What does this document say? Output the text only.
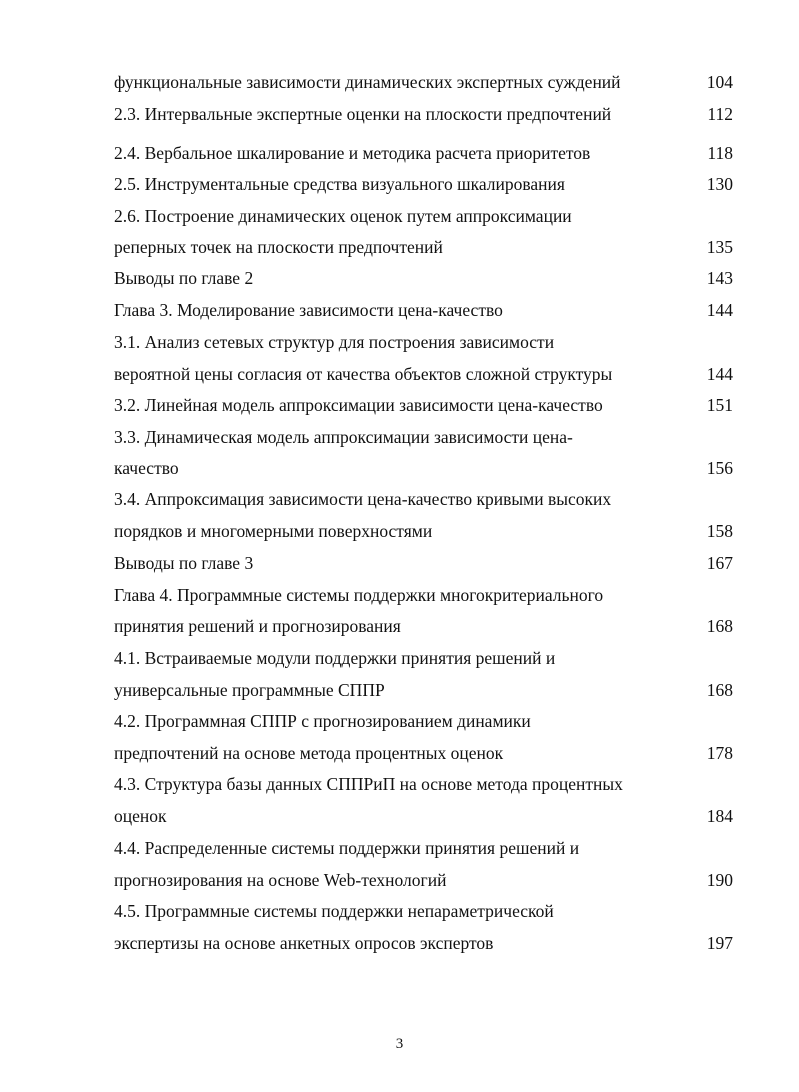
функциональные зависимости динамических экспертных суждений	104
2.3. Интервальные экспертные оценки на плоскости предпочтений	112
2.4. Вербальное шкалирование и методика расчета приоритетов	118
2.5. Инструментальные средства визуального шкалирования	130
2.6. Построение динамических оценок путем аппроксимации
реперных точек на плоскости предпочтений	135
Выводы по главе 2	143
Глава 3. Моделирование зависимости цена-качество	144
3.1. Анализ сетевых структур для построения зависимости
вероятной цены согласия от качества объектов сложной структуры	144
3.2. Линейная модель аппроксимации зависимости цена-качество	151
3.3. Динамическая модель аппроксимации зависимости цена-
качество	156
3.4. Аппроксимация зависимости цена-качество кривыми высоких
порядков и многомерными поверхностями	158
Выводы по главе 3	167
Глава 4. Программные системы поддержки многокритериального
принятия решений и прогнозирования	168
4.1. Встраиваемые модули поддержки принятия решений и
универсальные программные СППР	168
4.2. Программная СППР с прогнозированием динамики
предпочтений на основе метода процентных оценок	178
4.3. Структура базы данных СППРиП на основе метода процентных
оценок	184
4.4. Распределенные системы поддержки принятия решений и
прогнозирования на основе Web-технологий	190
4.5. Программные системы поддержки непараметрической
экспертизы на основе анкетных опросов экспертов	197
3
